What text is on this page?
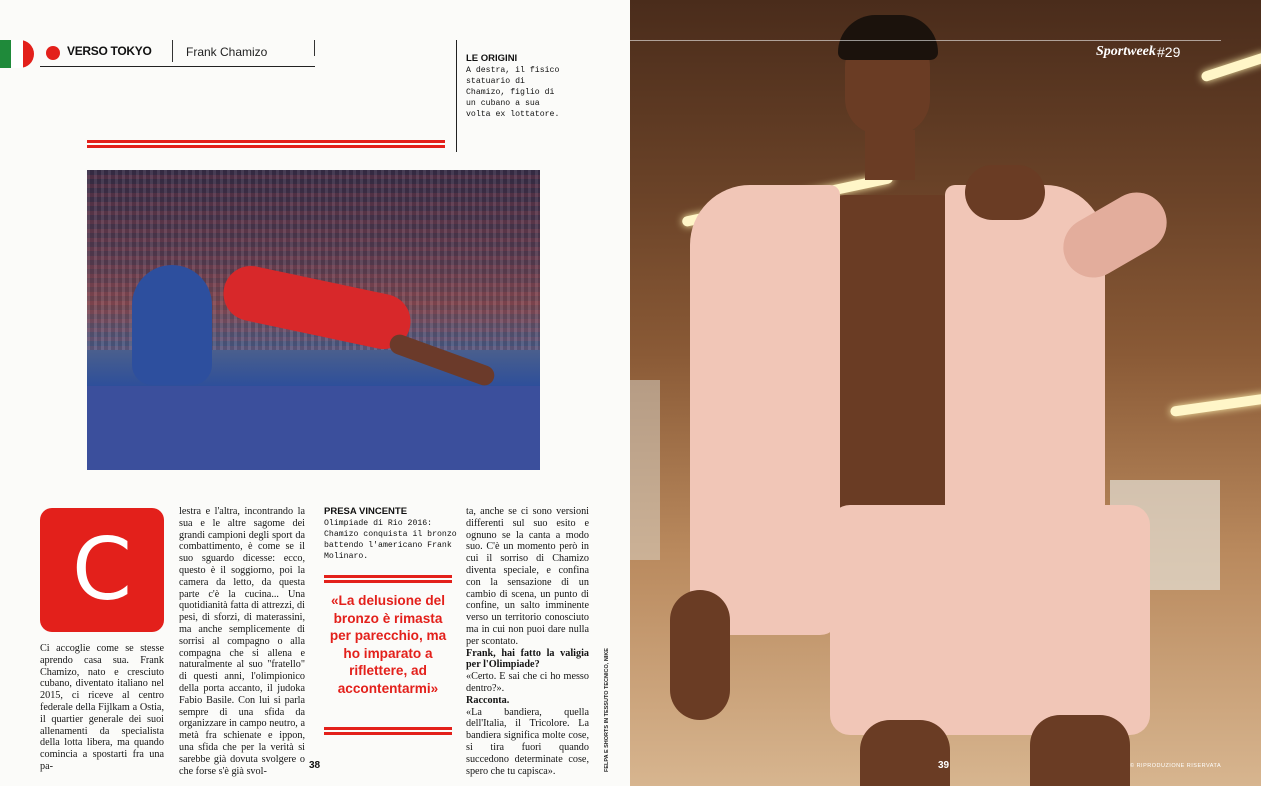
VERSO TOKYO	Frank Chamizo	LE ORIGINI
A destra, il fisico statuario di Chamizo, figlio di un cubano a sua volta ex lottatore.
C

Ci accoglie come se stesse aprendo casa sua. Frank Chamizo, nato e cresciuto cubano, diventato italiano nel 2015, ci riceve al centro federale della Fijlkam a Ostia, il quartier generale dei suoi allenamenti da specialista della lotta libera, ma quando comincia a spostarti fra una pa-

lestra e l'altra, incontrando la sua e le altre sagome dei grandi campioni degli sport da combattimento, è come se il suo sguardo dicesse: ecco, questo è il soggiorno, poi la camera da letto, da questa parte c'è la cucina... Una quotidianità fatta di attrezzi, di pesi, di sforzi, di materassini, ma anche semplicemente di sorrisi al compagno o alla compagna che si allena e naturalmente al suo "fratello" di questi anni, l'olimpionico della porta accanto, il judoka Fabio Basile. Con lui si parla sempre di una sfida da organizzare in campo neutro, a metà fra schienate e ippon, una sfida che per la verità si sarebbe già dovuta svolgere o che forse s'è già svol-

PRESA VINCENTE
Olimpiade di Rio 2016: Chamizo conquista il bronzo battendo l'americano Frank Molinaro.
«La delusione del bronzo è rimasta per parecchio, ma ho imparato a riflettere, ad accontentarmi»

ta, anche se ci sono versioni differenti sul suo esito e ognuno se la canta a modo suo. C'è un momento però in cui il sorriso di Chamizo diventa speciale, e confina con la sensazione di un cambio di scena, un punto di confine, un salto imminente verso un territorio conosciuto ma in cui non puoi dare nulla per scontato.

Frank, hai fatto la valigia per l'Olimpiade?

«Certo. E sai che ci ho messo dentro?».

Racconta.

«La bandiera, quella dell'Italia, il Tricolore. La bandiera significa molte cose, si tira fuori quando succedono determinate cose, spero che tu capisca».	FELPA E SHORTS IN TESSUTO TECNICO, NIKE
38
Sportweek #29
39	© RIPRODUZIONE RISERVATA
